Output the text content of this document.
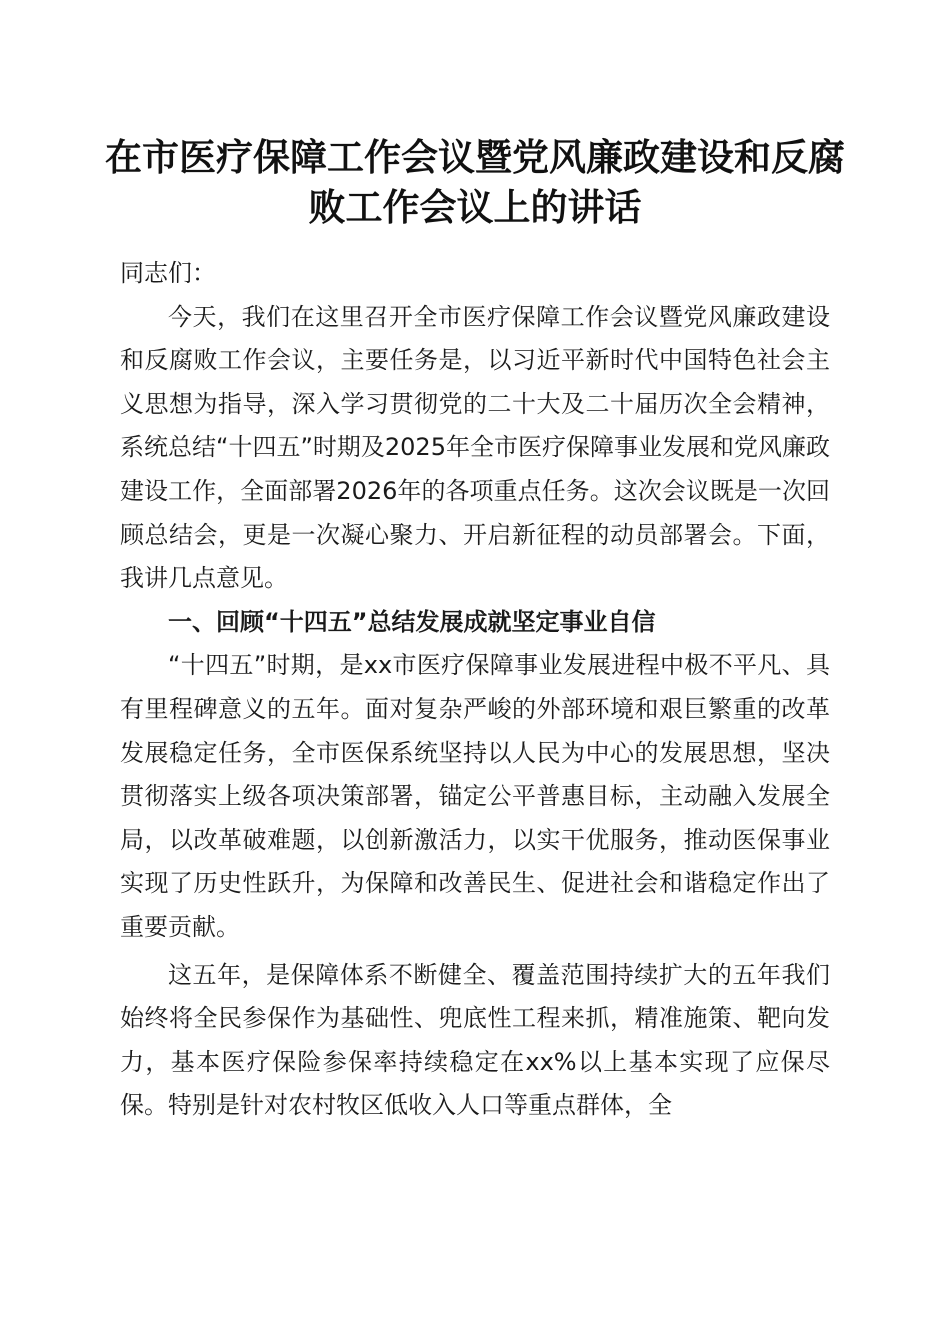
在市医疗保障工作会议暨党风廉政建设和反腐
败工作会议上的讲话

同志们：

今天，我们在这里召开全市医疗保障工作会议暨党风廉政建设和反腐败工作会议，主要任务是，以习近平新时代中国特色社会主义思想为指导，深入学习贯彻党的二十大及二十届历次全会精神，系统总结“十四五”时期及2025年全市医疗保障事业发展和党风廉政建设工作，全面部署2026年的各项重点任务。这次会议既是一次回顾总结会，更是一次凝心聚力、开启新征程的动员部署会。下面，我讲几点意见。

一、回顾“十四五”总结发展成就坚定事业自信

“十四五”时期，是xx市医疗保障事业发展进程中极不平凡、具有里程碑意义的五年。面对复杂严峻的外部环境和艰巨繁重的改革发展稳定任务，全市医保系统坚持以人民为中心的发展思想，坚决贯彻落实上级各项决策部署，锚定公平普惠目标，主动融入发展全局，以改革破难题，以创新激活力，以实干优服务，推动医保事业实现了历史性跃升，为保障和改善民生、促进社会和谐稳定作出了重要贡献。

这五年，是保障体系不断健全、覆盖范围持续扩大的五年我们始终将全民参保作为基础性、兜底性工程来抓，精准施策、靶向发力，基本医疗保险参保率持续稳定在xx%以上基本实现了应保尽保。特别是针对农村牧区低收入人口等重点群体，全
